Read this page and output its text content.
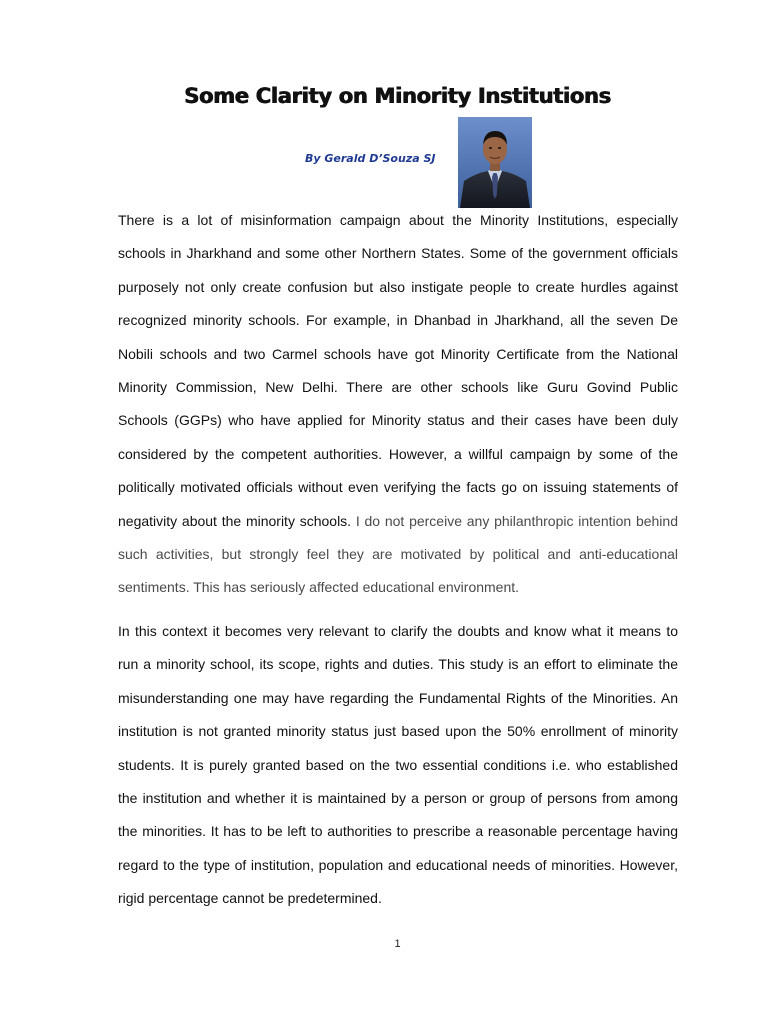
Some Clarity on Minority Institutions
By Gerald D’Souza SJ

There is a lot of misinformation campaign about the Minority Institutions, especially schools in Jharkhand and some other Northern States. Some of the government officials purposely not only create confusion but also instigate people to create hurdles against recognized minority schools. For example, in Dhanbad in Jharkhand, all the seven De Nobili schools and two Carmel schools have got Minority Certificate from the National Minority Commission, New Delhi. There are other schools like Guru Govind Public Schools (GGPs) who have applied for Minority status and their cases have been duly considered by the competent authorities. However, a willful campaign by some of the politically motivated officials without even verifying the facts go on issuing statements of negativity about the minority schools. I do not perceive any philanthropic intention behind such activities, but strongly feel they are motivated by political and anti-educational sentiments. This has seriously affected educational environment.

In this context it becomes very relevant to clarify the doubts and know what it means to run a minority school, its scope, rights and duties. This study is an effort to eliminate the misunderstanding one may have regarding the Fundamental Rights of the Minorities. An institution is not granted minority status just based upon the 50% enrollment of minority students. It is purely granted based on the two essential conditions i.e. who established the institution and whether it is maintained by a person or group of persons from among the minorities. It has to be left to authorities to prescribe a reasonable percentage having regard to the type of institution, population and educational needs of minorities. However, rigid percentage cannot be predetermined.

1
